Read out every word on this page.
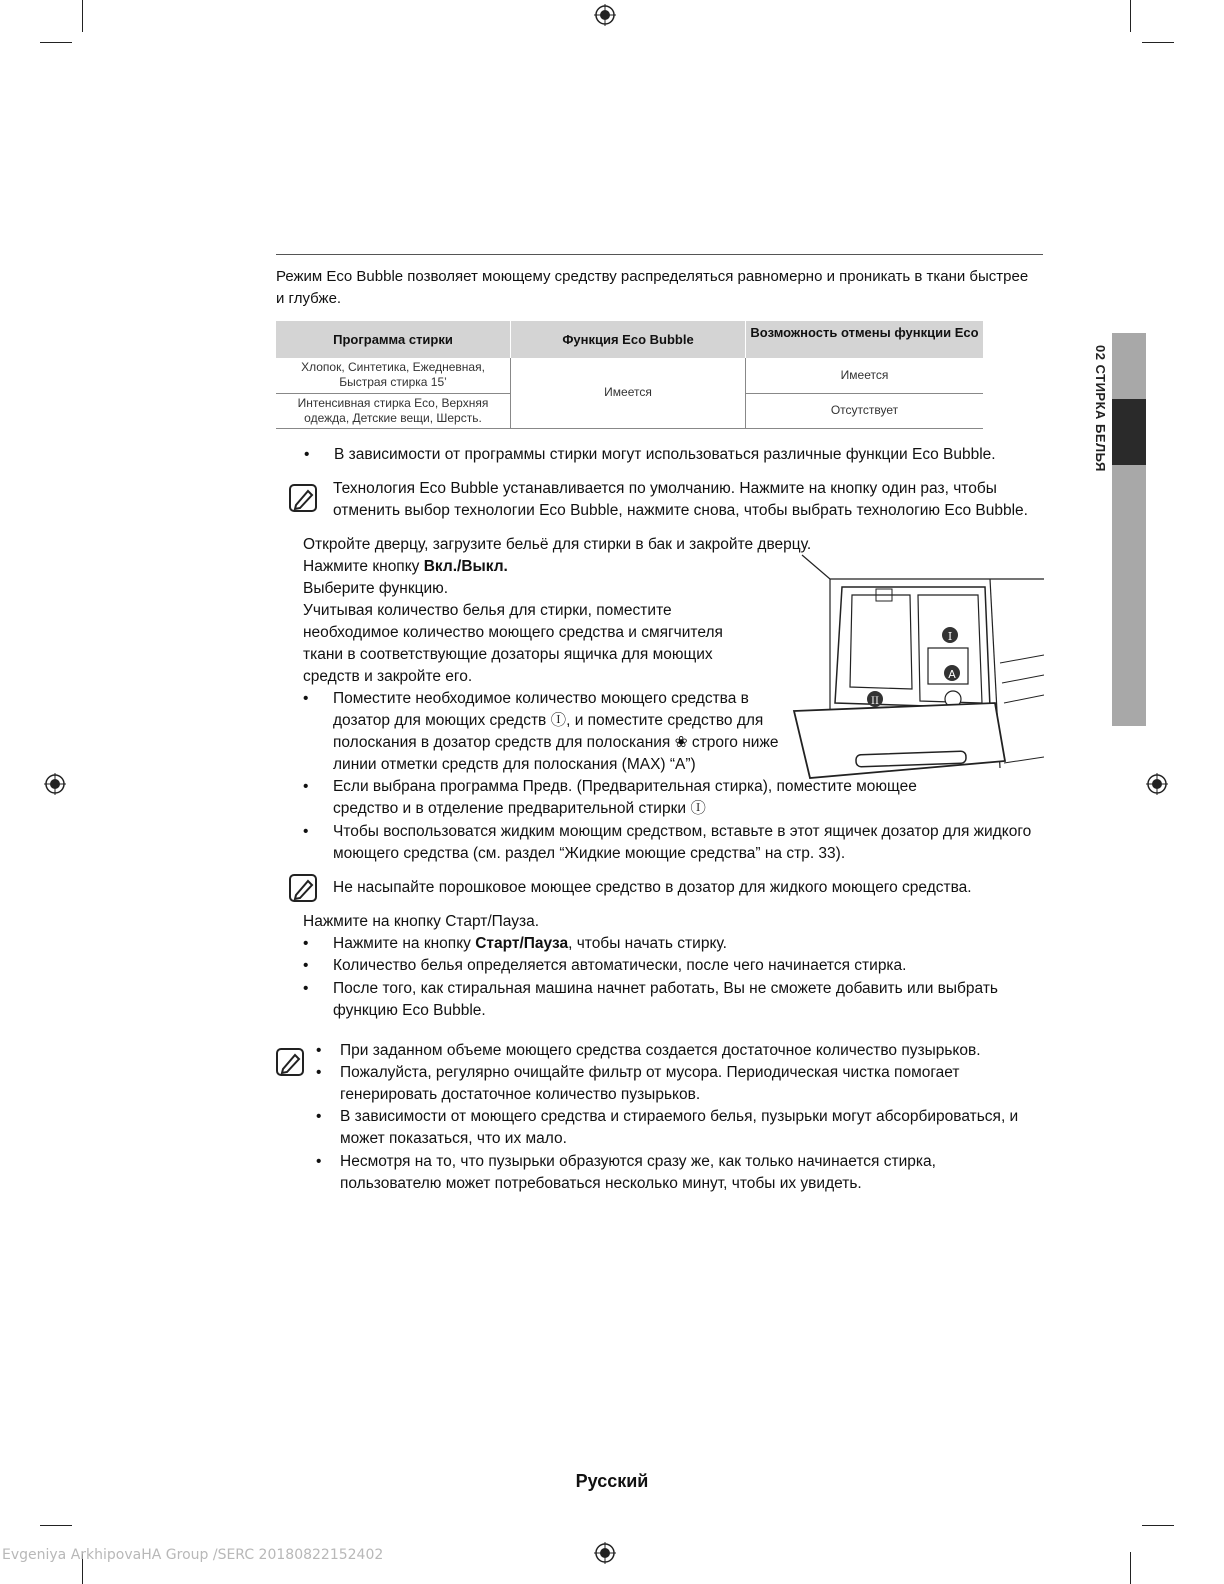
02 СТИРКА БЕЛЬЯ
Режим Eco Bubble позволяет моющему средству распределяться равномерно и проникать в ткани быстрее и глубже.
Программа стирки	Функция Eco Bubble	Возможность отмены функции Eco
Хлопок, Синтетика, Ежедневная, Быстрая стирка 15’	Имеется	Имеется
Интенсивная стирка Eco, Верхняя одежда, Детские вещи, Шерсть.		Отсутствует
• В зависимости от программы стирки могут использоваться различные функции Eco Bubble.
Технология Eco Bubble устанавливается по умолчанию. Нажмите на кнопку один раз, чтобы отменить выбор технологии Eco Bubble, нажмите снова, чтобы выбрать технологию Eco Bubble.
Откройте дверцу, загрузите бельё для стирки в бак и закройте дверцу.
Нажмите кнопку Вкл./Выкл.
Выберите функцию.
Учитывая количество белья для стирки, поместите необходимое количество моющего средства и смягчителя ткани в соответствующие дозаторы ящичка для моющих средств и закройте его.
I
A
II
• Поместите необходимое количество моющего средства в дозатор для моющих средств Ⓘ, и поместите средство для полоскания в дозатор средств для полоскания ❀ строго ниже линии отметки средств для полоскания (MAX) “A”)
• Если выбрана программа Предв. (Предварительная стирка), поместите моющее средство и в отделение предварительной стирки Ⓘ
• Чтобы воспользоватся жидким моющим средством, вставьте в этот ящичек дозатор для жидкого моющего средства (см. раздел “Жидкие моющие средства” на стр. 33).
Не насыпайте порошковое моющее средство в дозатор для жидкого моющего средства.
Нажмите на кнопку Старт/Пауза.
• Нажмите на кнопку Старт/Пауза, чтобы начать стирку.
• Количество белья определяется автоматически, после чего начинается стирка.
• После того, как стиральная машина начнет работать, Вы не сможете добавить или выбрать функцию Eco Bubble.
• При заданном объеме моющего средства создается достаточное количество пузырьков.
• Пожалуйста, регулярно очищайте фильтр от мусора. Периодическая чистка помогает генерировать достаточное количество пузырьков.
• В зависимости от моющего средства и стираемого белья, пузырьки могут абсорбироваться, и может показаться, что их мало.
• Несмотря на то, что пузырьки образуются сразу же, как только начинается стирка, пользователю может потребоваться несколько минут, чтобы их увидеть.
Русский
Evgeniya ArkhipovaHA Group /SERC 20180822152402
